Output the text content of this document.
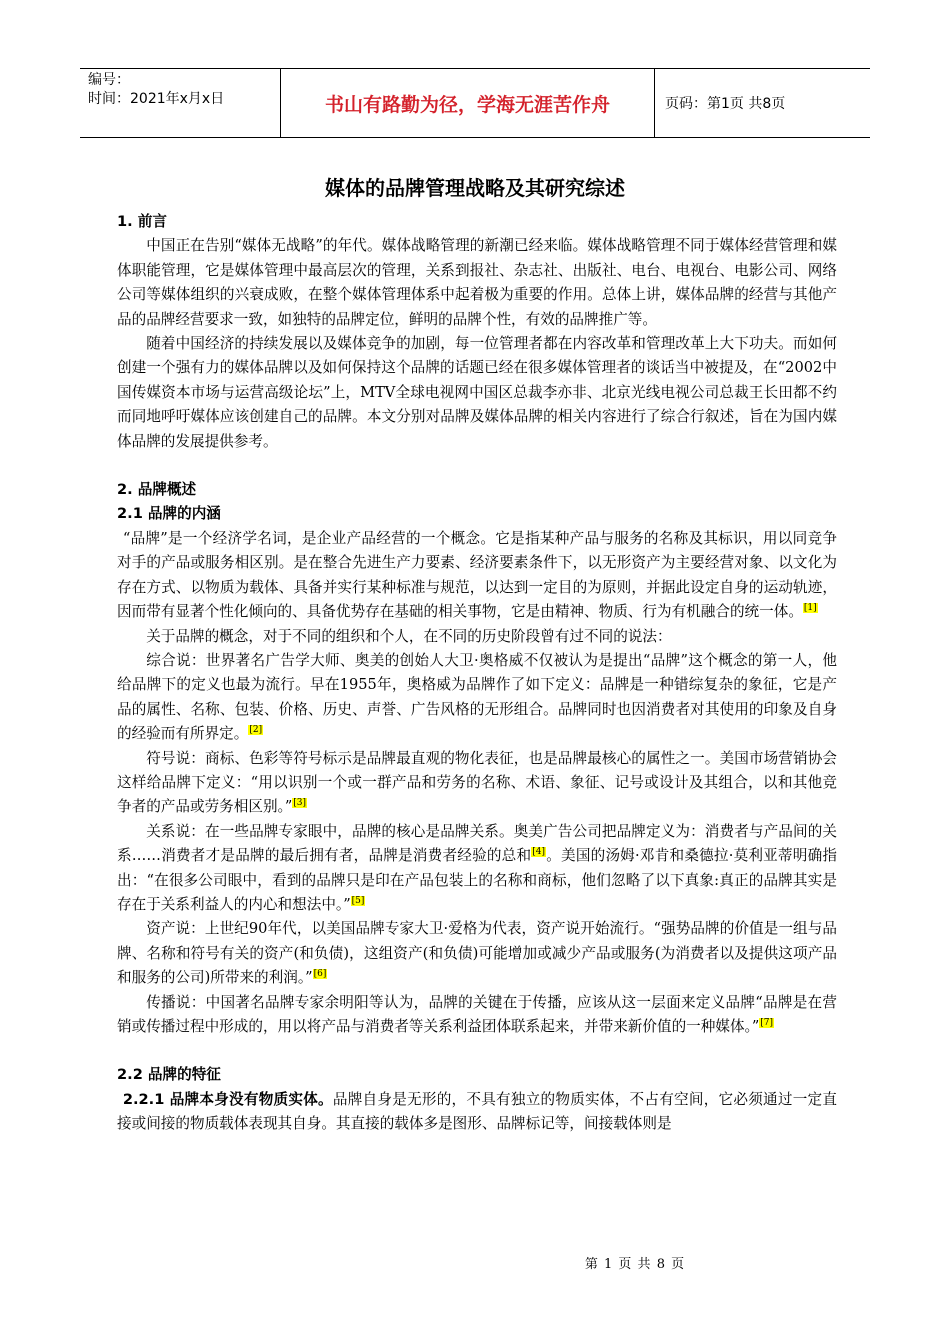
编号：
时间：2021年x月x日	书山有路勤为径，学海无涯苦作舟	页码：第1页 共8页
媒体的品牌管理战略及其研究综述
1. 前言
中国正在告别“媒体无战略”的年代。媒体战略管理的新潮已经来临。媒体战略管理不同于媒体经营管理和媒体职能管理，它是媒体管理中最高层次的管理，关系到报社、杂志社、出版社、电台、电视台、电影公司、网络公司等媒体组织的兴衰成败，在整个媒体管理体系中起着极为重要的作用。总体上讲，媒体品牌的经营与其他产品的品牌经营要求一致，如独特的品牌定位，鲜明的品牌个性，有效的品牌推广等。
随着中国经济的持续发展以及媒体竞争的加剧，每一位管理者都在内容改革和管理改革上大下功夫。而如何创建一个强有力的媒体品牌以及如何保持这个品牌的话题已经在很多媒体管理者的谈话当中被提及，在“2002中国传媒资本市场与运营高级论坛”上，MTV全球电视网中国区总裁李亦非、北京光线电视公司总裁王长田都不约而同地呼吁媒体应该创建自己的品牌。本文分别对品牌及媒体品牌的相关内容进行了综合行叙述，旨在为国内媒体品牌的发展提供参考。
2. 品牌概述
2.1 品牌的内涵
“品牌”是一个经济学名词，是企业产品经营的一个概念。它是指某种产品与服务的名称及其标识，用以同竞争对手的产品或服务相区别。是在整合先进生产力要素、经济要素条件下，以无形资产为主要经营对象、以文化为存在方式、以物质为载体、具备并实行某种标准与规范，以达到一定目的为原则，并据此设定自身的运动轨迹，因而带有显著个性化倾向的、具备优势存在基础的相关事物，它是由精神、物质、行为有机融合的统一体。[1]
关于品牌的概念，对于不同的组织和个人，在不同的历史阶段曾有过不同的说法：
综合说：世界著名广告学大师、奥美的创始人大卫·奥格威不仅被认为是提出“品牌”这个概念的第一人，他给品牌下的定义也最为流行。早在1955年，奥格威为品牌作了如下定义：品牌是一种错综复杂的象征，它是产品的属性、名称、包装、价格、历史、声誉、广告风格的无形组合。品牌同时也因消费者对其使用的印象及自身的经验而有所界定。[2]
符号说：商标、色彩等符号标示是品牌最直观的物化表征，也是品牌最核心的属性之一。美国市场营销协会这样给品牌下定义：“用以识别一个或一群产品和劳务的名称、术语、象征、记号或设计及其组合，以和其他竞争者的产品或劳务相区别。”[3]
关系说：在一些品牌专家眼中，品牌的核心是品牌关系。奥美广告公司把品牌定义为：消费者与产品间的关系……消费者才是品牌的最后拥有者，品牌是消费者经验的总和[4]。美国的汤姆·邓肯和桑德拉·莫利亚蒂明确指出：“在很多公司眼中，看到的品牌只是印在产品包装上的名称和商标，他们忽略了以下真象:真正的品牌其实是存在于关系利益人的内心和想法中。”[5]
资产说：上世纪90年代，以美国品牌专家大卫·爱格为代表，资产说开始流行。“强势品牌的价值是一组与品牌、名称和符号有关的资产(和负债)，这组资产(和负债)可能增加或减少产品或服务(为消费者以及提供这项产品和服务的公司)所带来的利润。”[6]
传播说：中国著名品牌专家余明阳等认为，品牌的关键在于传播，应该从这一层面来定义品牌“品牌是在营销或传播过程中形成的，用以将产品与消费者等关系利益团体联系起来，并带来新价值的一种媒体。”[7]
2.2 品牌的特征
2.2.1 品牌本身没有物质实体。品牌自身是无形的，不具有独立的物质实体，不占有空间，它必须通过一定直接或间接的物质载体表现其自身。其直接的载体多是图形、品牌标记等，间接载体则是
第 1 页 共 8 页
